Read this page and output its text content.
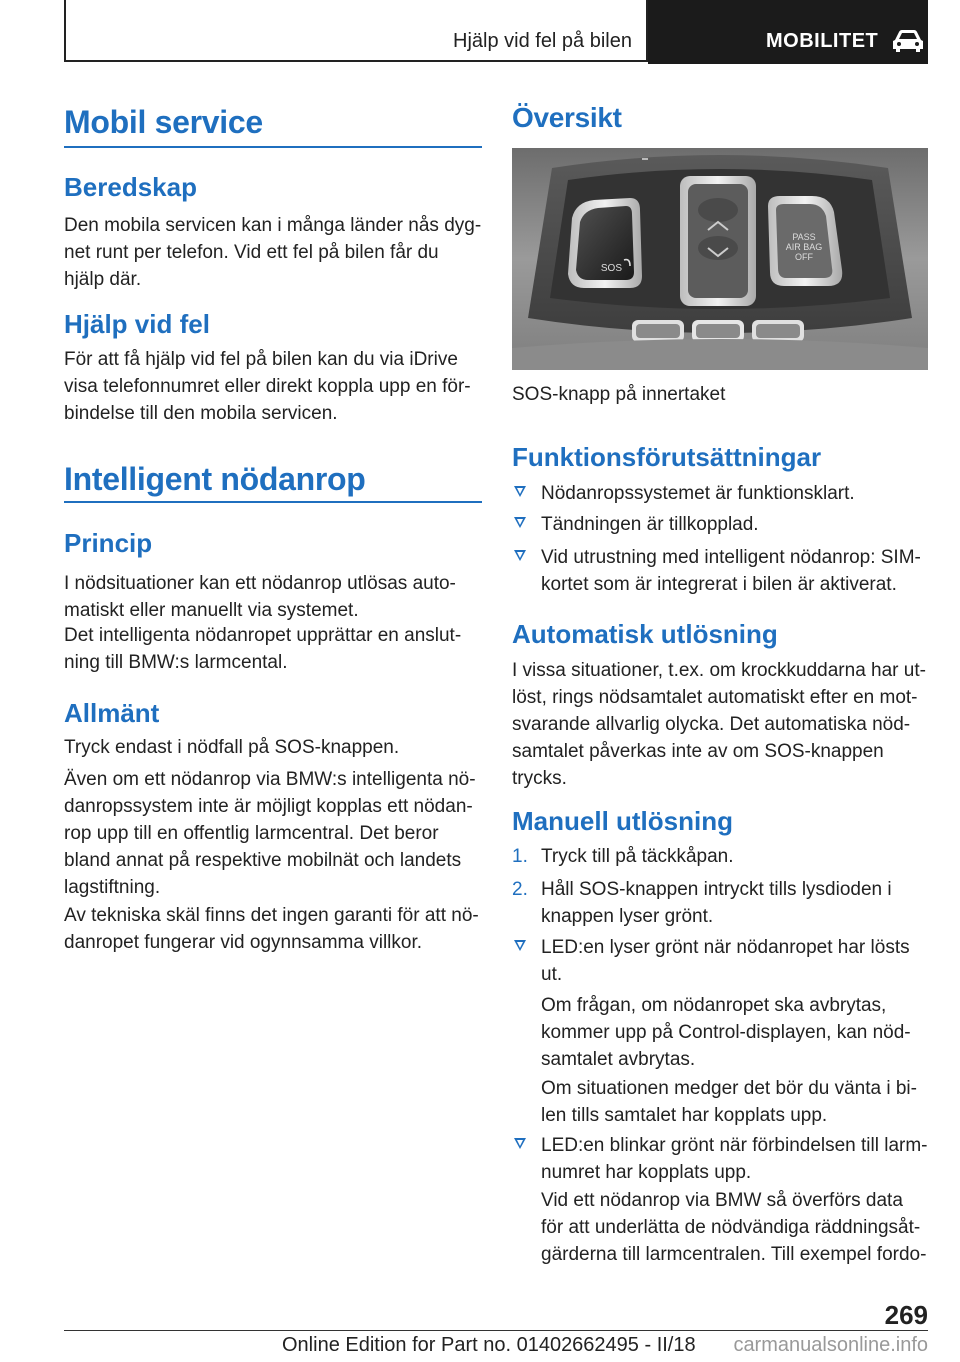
Hjälp vid fel på bilen	MOBILITET
Mobil service
Beredskap
Den mobila servicen kan i många länder nås dyg-
net runt per telefon. Vid ett fel på bilen får du
hjälp där.
Hjälp vid fel
För att få hjälp vid fel på bilen kan du via iDrive
visa telefonnumret eller direkt koppla upp en för-
bindelse till den mobila servicen.
Intelligent nödanrop
Princip
I nödsituationer kan ett nödanrop utlösas auto-
matiskt eller manuellt via systemet.
Det intelligenta nödanropet upprättar en anslut-
ning till BMW:s larmcental.
Allmänt
Tryck endast i nödfall på SOS-knappen.
Även om ett nödanrop via BMW:s intelligenta nö-
danropssystem inte är möjligt kopplas ett nödan-
rop upp till en offentlig larmcentral. Det beror
bland annat på respektive mobilnät och landets
lagstiftning.
Av tekniska skäl finns det ingen garanti för att nö-
danropet fungerar vid ogynnsamma villkor.
Översikt
SOS
PASS
AIR BAG
OFF
SOS-knapp på innertaket
Funktionsförutsättningar
Nödanropssystemet är funktionsklart.
Tändningen är tillkopplad.
Vid utrustning med intelligent nödanrop: SIM-
kortet som är integrerat i bilen är aktiverat.
Automatisk utlösning
I vissa situationer, t.ex. om krockkuddarna har ut-
löst, rings nödsamtalet automatiskt efter en mot-
svarande allvarlig olycka. Det automatiska nöd-
samtalet påverkas inte av om SOS-knappen
trycks.
Manuell utlösning
1. Tryck till på täckkåpan.
2. Håll SOS-knappen intryckt tills lysdioden i
knappen lyser grönt.
LED:en lyser grönt när nödanropet har lösts
ut.
Om frågan, om nödanropet ska avbrytas,
kommer upp på Control-displayen, kan nöd-
samtalet avbrytas.
Om situationen medger det bör du vänta i bi-
len tills samtalet har kopplats upp.
LED:en blinkar grönt när förbindelsen till larm-
numret har kopplats upp.
Vid ett nödanrop via BMW så överförs data
för att underlätta de nödvändiga räddningsåt-
gärderna till larmcentralen. Till exempel fordo-
269
Online Edition for Part no. 01402662495 - II/18 carmanualsonline.info
